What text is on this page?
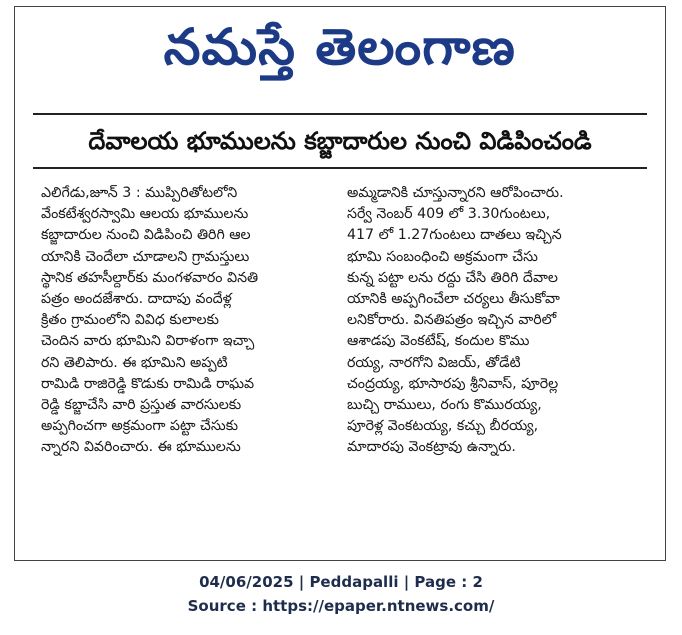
నమస్తే తెలంగాణ
దేవాలయ భూములను కబ్జాదారుల నుంచి విడిపించండి
ఎలిగేడు,జూన్ 3 : ముప్పిరితోటలోని
వేంకటేశ్వరస్వామి ఆలయ భూములను
కబ్జాదారుల నుంచి విడిపించి తిరిగి ఆల
యానికి చెందేలా చూడాలని గ్రామస్తులు
స్థానిక తహసీల్దార్‌కు మంగళవారం వినతి
పత్రం అందజేశారు. దాదాపు వందేళ్ల
క్రితం గ్రామంలోని వివిధ కులాలకు
చెందిన వారు భూమిని విరాళంగా ఇచ్చా
రని తెలిపారు. ఈ భూమిని అప్పటి
రామిడి రాజిరెడ్డి కొడుకు రామిడి రాఘవ
రెడ్డి కబ్జాచేసి వారి ప్రస్తుత వారసులకు
అప్పగించగా అక్రమంగా పట్టా చేసుకు
న్నారని వివరించారు. ఈ భూములను
అమ్మడానికి చూస్తున్నారని ఆరోపించారు.
సర్వే నెంబర్ 409 లో 3.30గుంటలు,
417 లో 1.27గుంటలు దాతలు ఇచ్చిన
భూమి సంబంధించి అక్రమంగా చేసు
కున్న పట్టా లను రద్దు చేసి తిరిగి దేవాల
యానికి అప్పగించేలా చర్యలు తీసుకోవా
లనికోరారు. వినతిపత్రం ఇచ్చిన వారిలో
ఆశాడపు వెంకటేష్, కందుల కొము
రయ్య, నారగోని విజయ్, తోడేటి
చంద్రయ్య, భూసారపు శ్రీనివాస్, పూరెల్ల
బుచ్చి రాములు, రంగు కొమురయ్య,
పూరెళ్ల వెంకటయ్య, కచ్చు బీరయ్య,
మాదారపు వెంకట్రావు ఉన్నారు.
04/06/2025 | Peddapalli | Page : 2
Source : https://epaper.ntnews.com/
